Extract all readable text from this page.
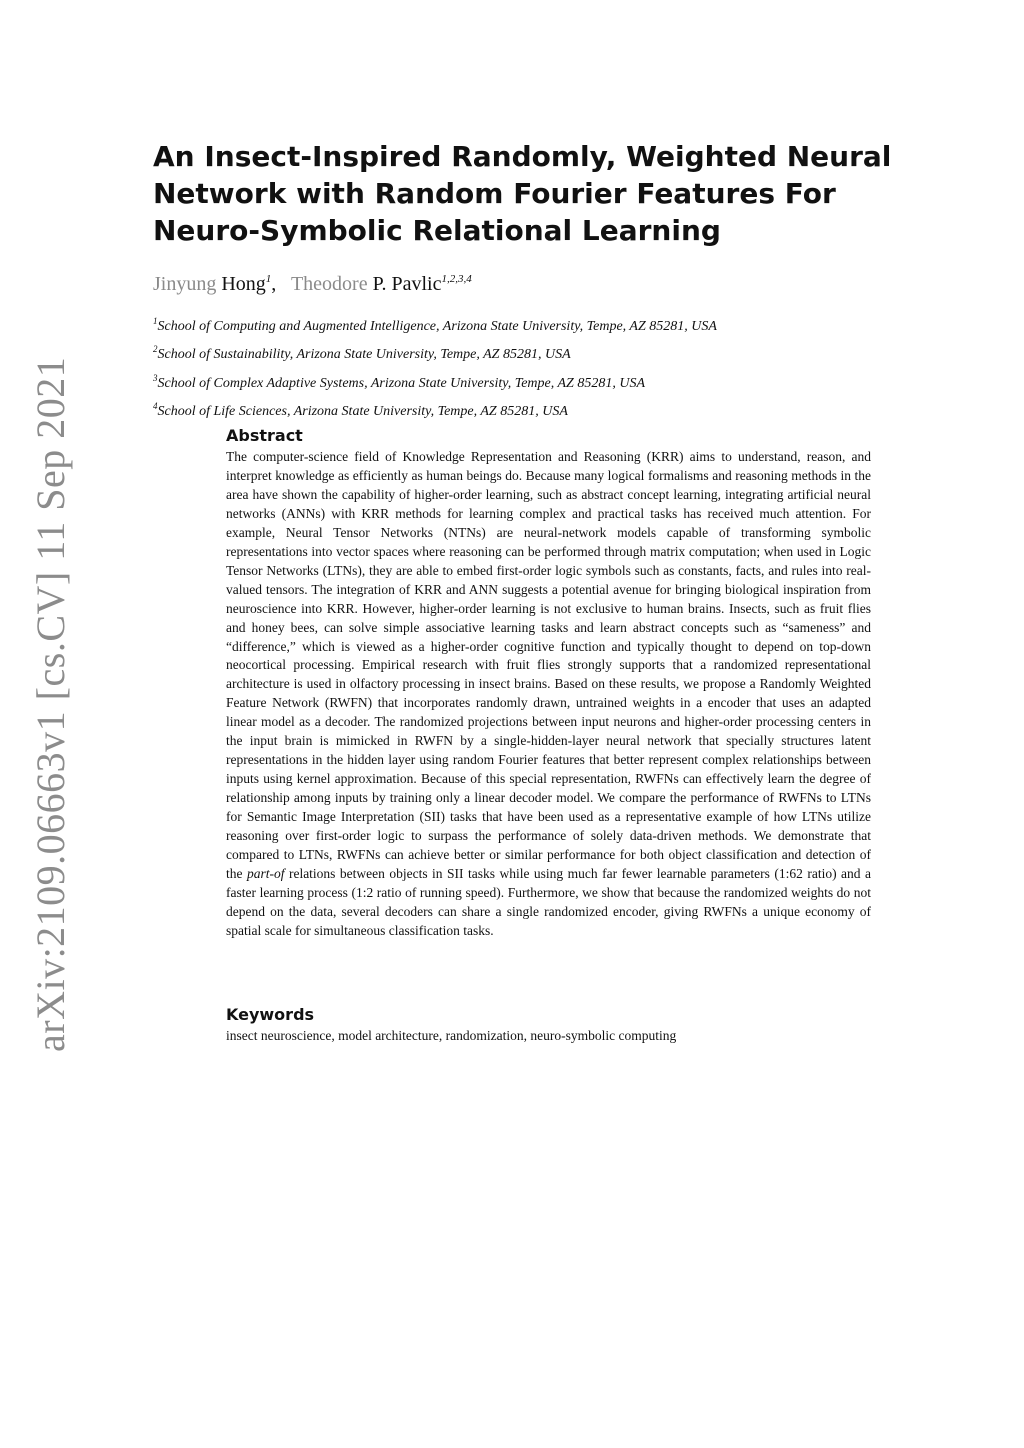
arXiv:2109.06663v1 [cs.CV] 11 Sep 2021
An Insect-Inspired Randomly, Weighted Neural
Network with Random Fourier Features For
Neuro-Symbolic Relational Learning
Jinyung Hong$^1$,   Theodore P. Pavlic$^{1,2,3,4}$
$^1$School of Computing and Augmented Intelligence, Arizona State University, Tempe, AZ 85281, USA
$^2$School of Sustainability, Arizona State University, Tempe, AZ 85281, USA
$^3$School of Complex Adaptive Systems, Arizona State University, Tempe, AZ 85281, USA
$^4$School of Life Sciences, Arizona State University, Tempe, AZ 85281, USA
Abstract

The computer-science field of Knowledge Representation and Reasoning (KRR) aims to understand, reason, and interpret knowledge as efficiently as human beings do. Because many logical formalisms and reasoning methods in the area have shown the capability of higher-order learning, such as abstract concept learning, integrating artificial neural networks (ANNs) with KRR methods for learning complex and practical tasks has received much attention. For example, Neural Tensor Networks (NTNs) are neural-network models capable of transforming symbolic representations into vector spaces where reasoning can be performed through matrix computation; when used in Logic Tensor Networks (LTNs), they are able to embed first-order logic symbols such as constants, facts, and rules into real-valued tensors. The integration of KRR and ANN suggests a potential avenue for bringing biological inspiration from neuroscience into KRR. However, higher-order learning is not exclusive to human brains. Insects, such as fruit flies and honey bees, can solve simple associative learning tasks and learn abstract concepts such as “sameness” and “difference,” which is viewed as a higher-order cognitive function and typically thought to depend on top-down neocortical processing. Empirical research with fruit flies strongly supports that a randomized representational architecture is used in olfactory processing in insect brains. Based on these results, we propose a Randomly Weighted Feature Network (RWFN) that incorporates randomly drawn, untrained weights in a encoder that uses an adapted linear model as a decoder. The randomized projections between input neurons and higher-order processing centers in the input brain is mimicked in RWFN by a single-hidden-layer neural network that specially structures latent representations in the hidden layer using random Fourier features that better represent complex relationships between inputs using kernel approximation. Because of this special representation, RWFNs can effectively learn the degree of relationship among inputs by training only a linear decoder model. We compare the performance of RWFNs to LTNs for Semantic Image Interpretation (SII) tasks that have been used as a representative example of how LTNs utilize reasoning over first-order logic to surpass the performance of solely data-driven methods. We demonstrate that compared to LTNs, RWFNs can achieve better or similar performance for both object classification and detection of the part-of relations between objects in SII tasks while using much far fewer learnable parameters (1:62 ratio) and a faster learning process (1:2 ratio of running speed). Furthermore, we show that because the randomized weights do not depend on the data, several decoders can share a single randomized encoder, giving RWFNs a unique economy of spatial scale for simultaneous classification tasks.

Keywords

insect neuroscience, model architecture, randomization, neuro-symbolic computing
